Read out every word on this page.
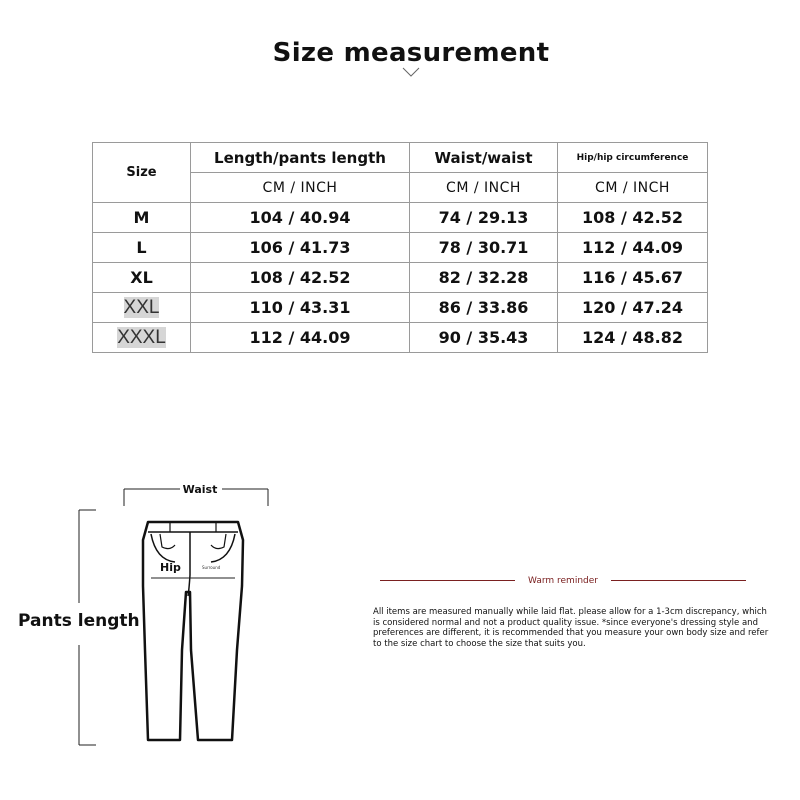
Size measurement
Size	Length/pants length	Waist/waist	Hip/hip circumference
	CM / INCH	CM / INCH	CM / INCH
M	104 / 40.94	74 / 29.13	108 / 42.52
L	106 / 41.73	78 / 30.71	112 / 44.09
XL	108 / 42.52	82 / 32.28	116 / 45.67
XXL	110 / 43.31	86 / 33.86	120 / 47.24
XXXL	112 / 44.09	90 / 35.43	124 / 48.82
Waist
Hip	Surround
Pants length
Warm reminder
All items are measured manually while laid flat. please allow for a 1-3cm discrepancy, which is considered normal and not a product quality issue. *since everyone's dressing style and preferences are different, it is recommended that you measure your own body size and refer to the size chart to choose the size that suits you.
